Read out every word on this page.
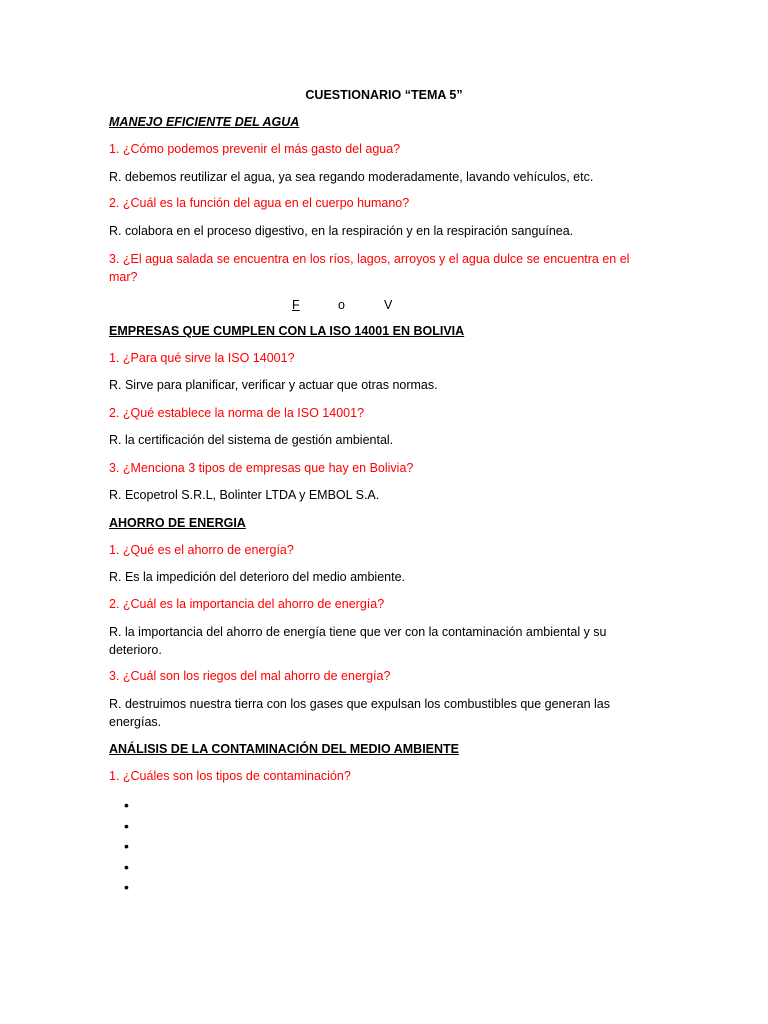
CUESTIONARIO “TEMA 5”

MANEJO EFICIENTE DEL AGUA

1. ¿Cómo podemos prevenir el más gasto del agua?

R. debemos reutilizar el agua, ya sea regando moderadamente, lavando vehículos, etc.

2. ¿Cuál es la función del agua en el cuerpo humano?

R. colabora en el proceso digestivo, en la respiración y en la respiración sanguínea.

3. ¿El agua salada se encuentra en los ríos, lagos, arroyos y el agua dulce se encuentra en el mar?

F	o	V

EMPRESAS QUE CUMPLEN CON LA ISO 14001 EN BOLIVIA

1. ¿Para qué sirve la ISO 14001?

R. Sirve para planificar, verificar y actuar que otras normas.

2. ¿Qué establece la norma de la ISO 14001?

R. la certificación del sistema de gestión ambiental.

3. ¿Menciona 3 tipos de empresas que hay en Bolivia?

R. Ecopetrol S.R.L, Bolinter LTDA y EMBOL S.A.

AHORRO DE ENERGIA

1. ¿Qué es el ahorro de energía?

R. Es la impedición del deterioro del medio ambiente.

2. ¿Cuál es la importancia del ahorro de energía?

R. la importancia del ahorro de energía tiene que ver con la contaminación ambiental y su deterioro.

3. ¿Cuál son los riegos del mal ahorro de energía?

R. destruimos nuestra tierra con los gases que expulsan los combustibles que generan las energías.

ANÁLISIS DE LA CONTAMINACIÓN DEL MEDIO AMBIENTE

1. ¿Cuáles son los tipos de contaminación?

•
•
•
•
•
